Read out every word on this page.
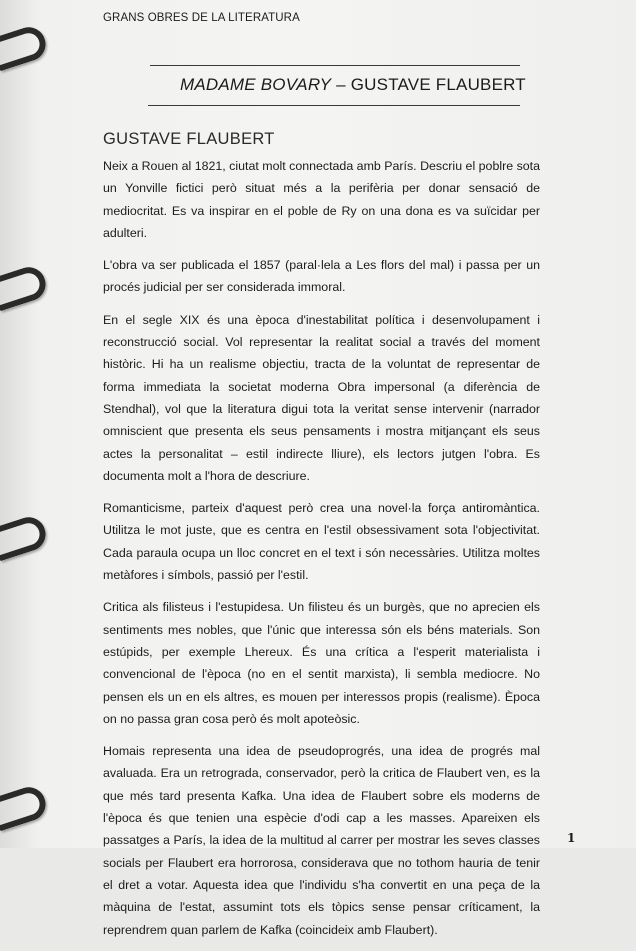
GRANS OBRES DE LA LITERATURA
MADAME BOVARY – GUSTAVE FLAUBERT
GUSTAVE FLAUBERT

Neix a Rouen al 1821, ciutat molt connectada amb París. Descriu el poblre sota un Yonville fictici però situat més a la perifèria per donar sensació de mediocritat. Es va inspirar en el poble de Ry on una dona es va suïcidar per adulteri.

L'obra va ser publicada el 1857 (paral·lela a Les flors del mal) i passa per un procés judicial per ser considerada immoral.

En el segle XIX és una època d'inestabilitat política i desenvolupament i reconstrucció social. Vol representar la realitat social a través del moment històric. Hi ha un realisme objectiu, tracta de la voluntat de representar de forma immediata la societat moderna Obra impersonal (a diferència de Stendhal), vol que la literatura digui tota la veritat sense intervenir (narrador omniscient que presenta els seus pensaments i mostra mitjançant els seus actes la personalitat – estil indirecte lliure), els lectors jutgen l'obra. Es documenta molt a l'hora de descriure.

Romanticisme, parteix d'aquest però crea una novel·la força antiromàntica. Utilitza le mot juste, que es centra en l'estil obsessivament sota l'objectivitat. Cada paraula ocupa un lloc concret en el text i són necessàries. Utilitza moltes metàfores i símbols, passió per l'estil.

Critica als filisteus i l'estupidesa. Un filisteu és un burgès, que no aprecien els sentiments mes nobles, que l'únic que interessa són els béns materials. Son estúpids, per exemple Lhereux. És una crítica a l'esperit materialista i convencional de l'època (no en el sentit marxista), li sembla mediocre. No pensen els un en els altres, es mouen per interessos propis (realisme). Època on no passa gran cosa però és molt apoteòsic.

Homais representa una idea de pseudoprogrés, una idea de progrés mal avaluada. Era un retrograda, conservador, però la critica de Flaubert ven, es la que més tard presenta Kafka. Una idea de Flaubert sobre els moderns de l'època és que tenien una espècie d'odi cap a les masses. Apareixen els passatges a París, la idea de la multitud al carrer per mostrar les seves classes socials per Flaubert era horrorosa, considerava que no tothom hauria de tenir el dret a votar. Aquesta idea que l'individu s'ha convertit en una peça de la màquina de l'estat, assumint tots els tòpics sense pensar críticament, la reprendrem quan parlem de Kafka (coincideix amb Flaubert).

1
